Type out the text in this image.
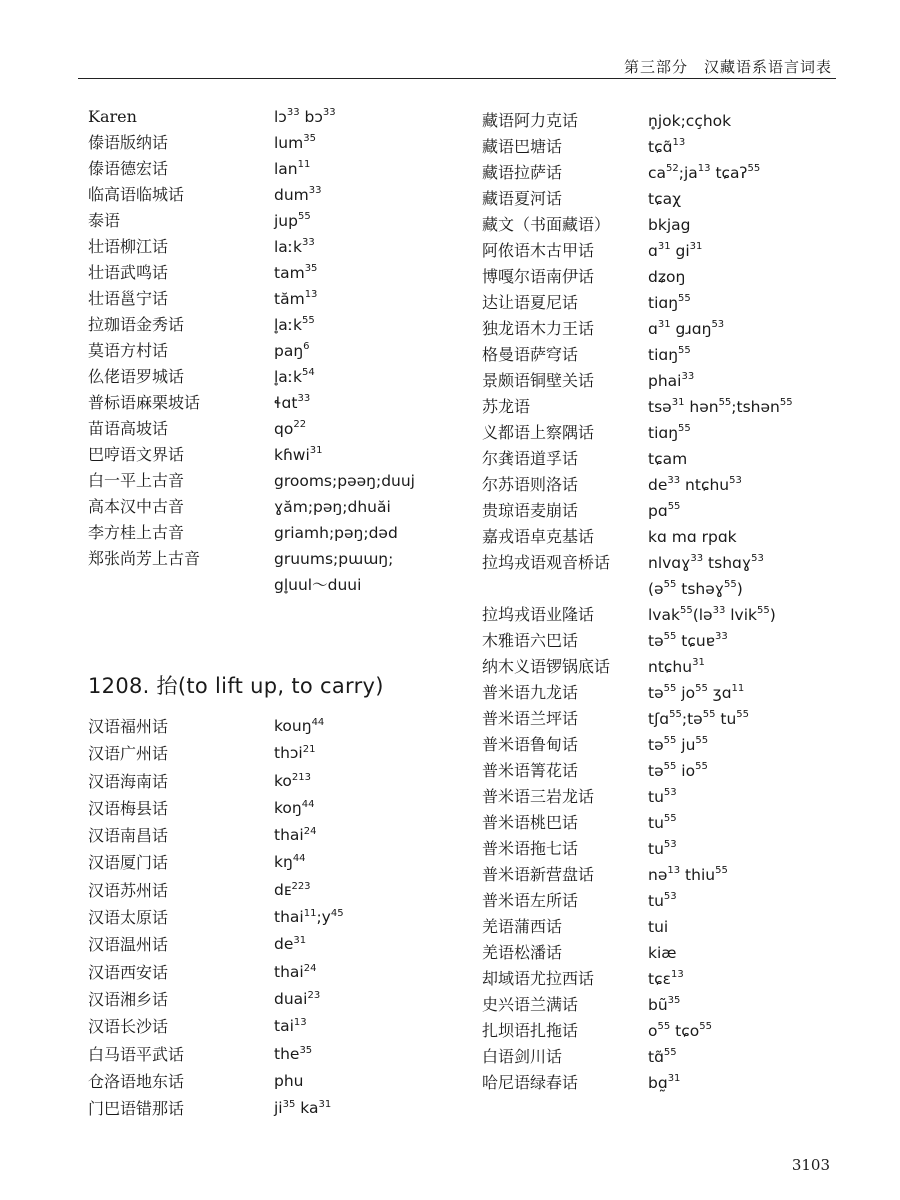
第三部分　汉藏语系语言词表
Karen	lɔ$^{33}$ bɔ$^{33}$
傣语版纳话	lum$^{35}$
傣语德宏话	lan$^{11}$
临高语临城话	dum$^{33}$
泰语	jup$^{55}$
壮语柳江话	laːk$^{33}$
壮语武鸣话	tam$^{35}$
壮语邕宁话	tăm$^{13}$
拉珈语金秀话	l̥aːk$^{55}$
莫语方村话	paŋ$^6$
仫佬语罗城话	l̥aːk$^{54}$
普标语麻栗坡话	ɬɑt$^{33}$
苗语高坡话	$qo^{22}$
巴哼语文界话	kɦwi$^{31}$
白一平上古音	grooms;pəəŋ;duuj
高本汉中古音	ɣăm;pəŋ;dhuăi
李方桂上古音	griamh;pəŋ;dəd
郑张尚芳上古音	gruums;pɯɯŋ;
gl̥uul～duui
1208. 抬(to lift up, to carry)
汉语福州话	kouŋ$^{44}$
汉语广州话	thɔi$^{21}$
汉语海南话	$ko^{213}$
汉语梅县话	koŋ$^{44}$
汉语南昌话	thai$^{24}$
汉语厦门话	$kŋ^{44}$
汉语苏州话	dᴇ$^{223}$
汉语太原话	$thai^{11};y^{45}$
汉语温州话	$de^{31}$
汉语西安话	thai$^{24}$
汉语湘乡话	duai$^{23}$
汉语长沙话	tai$^{13}$
白马语平武话	the$^{35}$
仓洛语地东话	phu
门巴语错那话	$ji^{35}$ $ka^{31}$
藏语阿力克话	n̥jok;cçhok
藏语巴塘话	tɕɑ̃$^{13}$
藏语拉萨话	$ca^{52};ja^{13}$ tɕaʔ$^{55}$
藏语夏河话	tɕaχ
藏文（书面藏语） bkjag
阿侬语木古甲话	ɑ$^{31}$ $gi^{31}$
博嘎尔语南伊话	dʑoŋ
达让语夏尼话	tiɑŋ$^{55}$
独龙语木力王话	ɑ$^{31}$ gɹɑŋ$^{53}$
格曼语萨穹话	tiɑŋ$^{55}$
景颇语铜壁关话	phai$^{33}$
苏龙语	tsə$^{31}$ hən$^{55}$;tshən$^{55}$
义都语上察隅话	tiɑŋ$^{55}$
尔龚语道孚话	tɕam
尔苏语则洛话	$de^{33}$ ntɕhu$^{53}$
贵琼语麦崩话	pɑ$^{55}$
嘉戎语卓克基话	kɑ mɑ rpɑk
拉坞戎语观音桥话 nlvɑɣ$^{33}$ tshɑɣ$^{53}$
(ə$^{55}$ tshəɣ$^{55}$)
拉坞戎语业隆话	lvak$^{55}$(lə$^{33}$ lvik$^{55}$)
木雅语六巴话	tə$^{55}$ tɕuɐ$^{33}$
纳木义语锣锅底话 ntɕhu$^{31}$
普米语九龙话	tə$^{55}$ $jo^{55}$ ʒɑ$^{11}$
普米语兰坪话	tʃɑ$^{55}$;tə$^{55}$ $tu^{55}$
普米语鲁甸话	tə$^{55}$ $ju^{55}$
普米语箐花话	tə$^{55}$ $io^{55}$
普米语三岩龙话	$tu^{53}$
普米语桃巴话	$tu^{55}$
普米语拖七话	$tu^{53}$
普米语新营盘话	nə$^{13}$ thiu$^{55}$
普米语左所话	$tu^{53}$
羌语蒲西话	tui
羌语松潘话	kiæ
却域语尤拉西话	tɕɛ$^{13}$
史兴语兰满话	$bũ^{35}$
扎坝语扎拖话	$o^{55}$ tɕo$^{55}$
白语剑川话	tɑ̃$^{55}$
哈尼语绿春话	bɑ̰$^{31}$
3103
